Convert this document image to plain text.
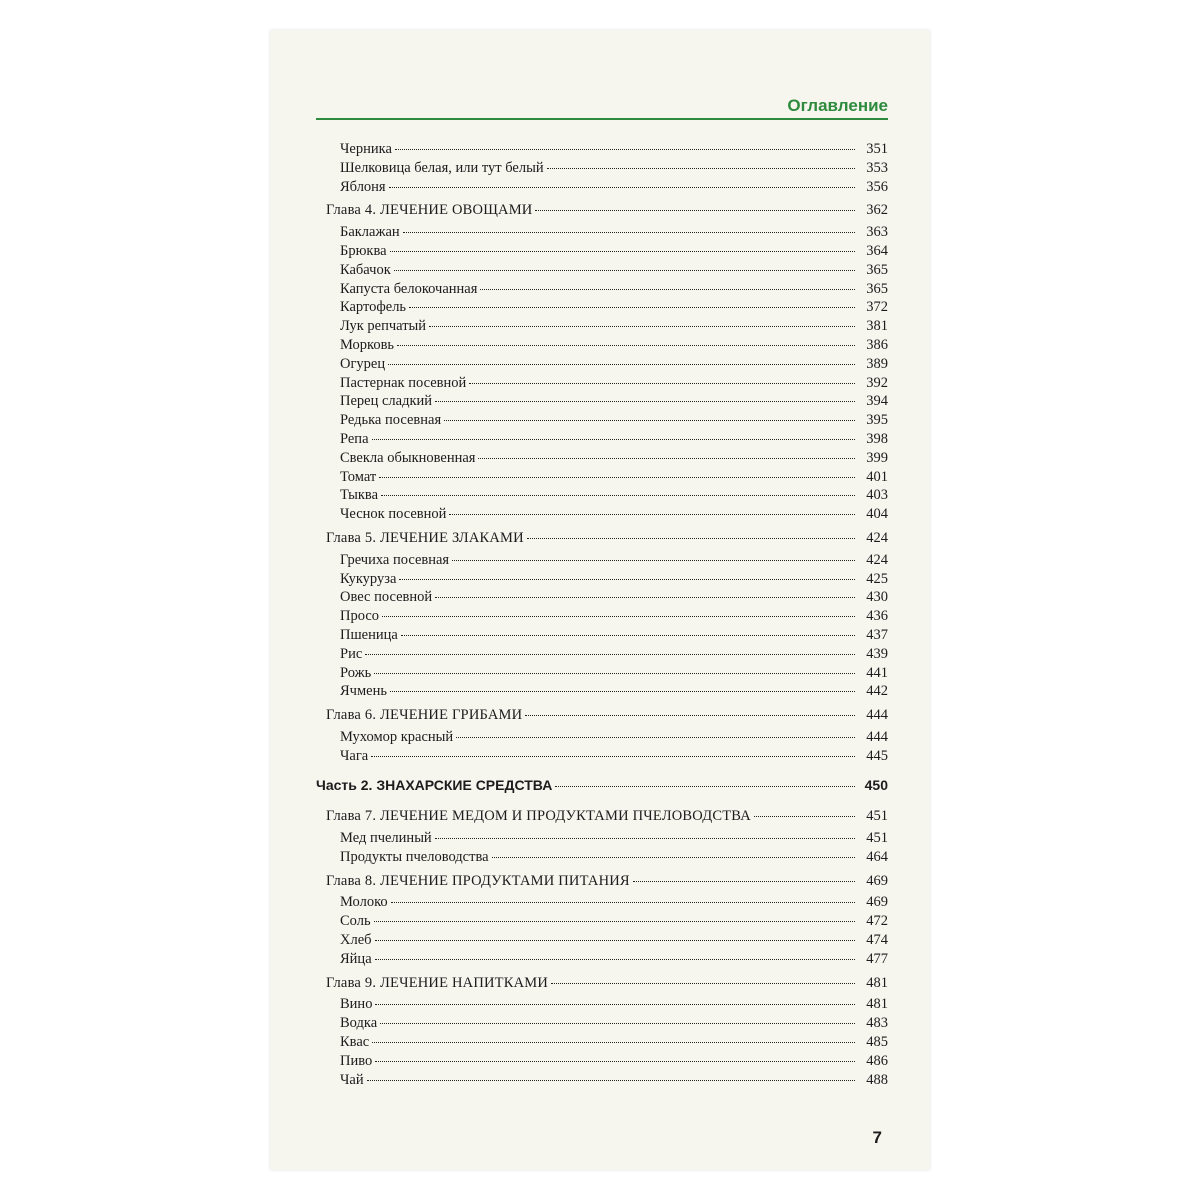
Оглавление
Черника	351
Шелковица белая, или тут белый	353
Яблоня	356
Глава 4. ЛЕЧЕНИЕ ОВОЩАМИ	362
Баклажан	363
Брюква	364
Кабачок	365
Капуста белокочанная	365
Картофель	372
Лук репчатый	381
Морковь	386
Огурец	389
Пастернак посевной	392
Перец сладкий	394
Редька посевная	395
Репа	398
Свекла обыкновенная	399
Томат	401
Тыква	403
Чеснок посевной	404
Глава 5. ЛЕЧЕНИЕ ЗЛАКАМИ	424
Гречиха посевная	424
Кукуруза	425
Овес посевной	430
Просо	436
Пшеница	437
Рис	439
Рожь	441
Ячмень	442
Глава 6. ЛЕЧЕНИЕ ГРИБАМИ	444
Мухомор красный	444
Чага	445
Часть 2. ЗНАХАРСКИЕ СРЕДСТВА	450
Глава 7. ЛЕЧЕНИЕ МЕДОМ И ПРОДУКТАМИ ПЧЕЛОВОДСТВА	451
Мед пчелиный	451
Продукты пчеловодства	464
Глава 8. ЛЕЧЕНИЕ ПРОДУКТАМИ ПИТАНИЯ	469
Молоко	469
Соль	472
Хлеб	474
Яйца	477
Глава 9. ЛЕЧЕНИЕ НАПИТКАМИ	481
Вино	481
Водка	483
Квас	485
Пиво	486
Чай	488
7
